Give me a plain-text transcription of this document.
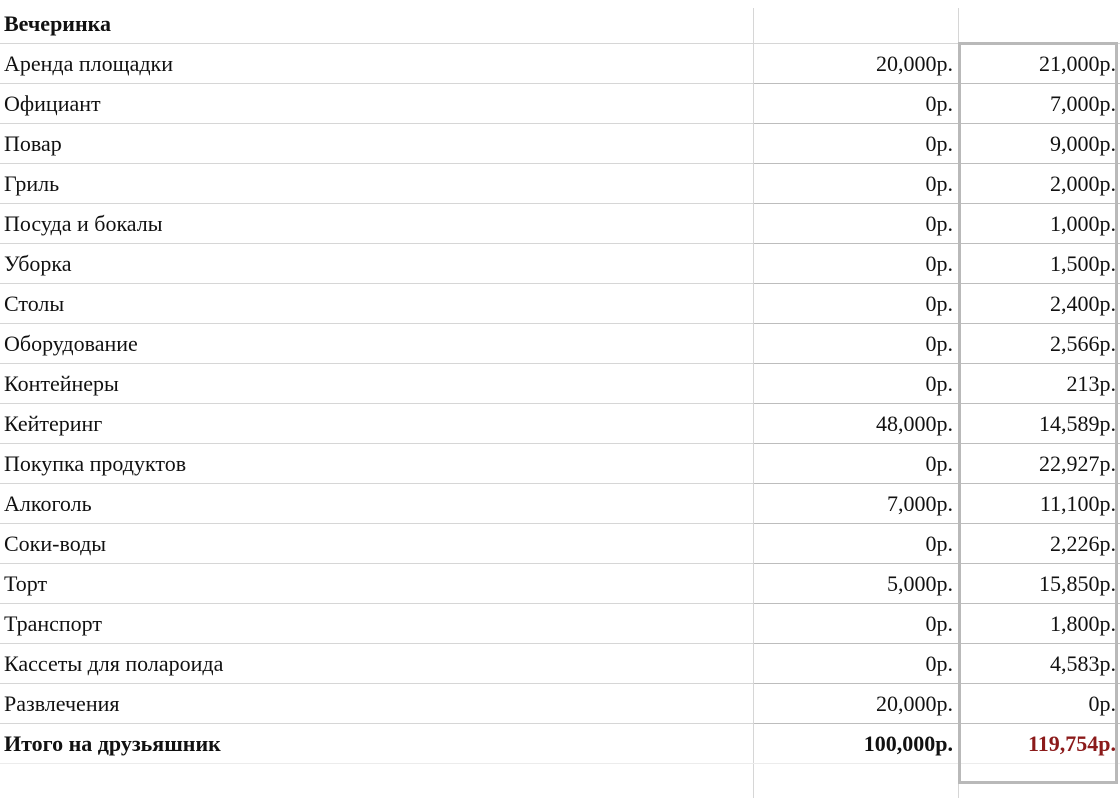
Вечеринка
Аренда площадки	20,000р.	21,000р.
Официант	0р.	7,000р.
Повар	0р.	9,000р.
Гриль	0р.	2,000р.
Посуда и бокалы	0р.	1,000р.
Уборка	0р.	1,500р.
Столы	0р.	2,400р.
Оборудование	0р.	2,566р.
Контейнеры	0р.	213р.
Кейтеринг	48,000р.	14,589р.
Покупка продуктов	0р.	22,927р.
Алкоголь	7,000р.	11,100р.
Соки-воды	0р.	2,226р.
Торт	5,000р.	15,850р.
Транспорт	0р.	1,800р.
Кассеты для полароида	0р.	4,583р.
Развлечения	20,000р.	0р.
Итого на друзьяшник	100,000р.	119,754р.
